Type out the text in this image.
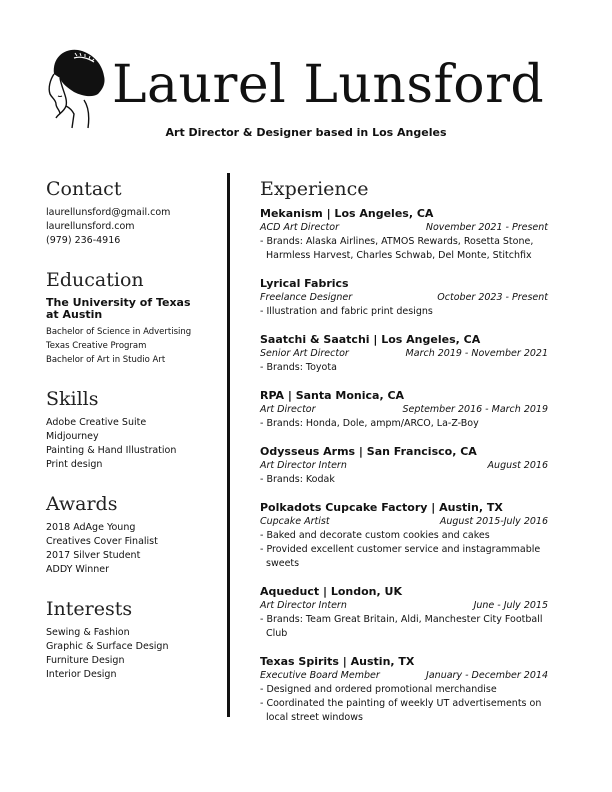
Laurel Lunsford

Art Director & Designer based in Los Angeles

Contact
laurellunsford@gmail.com
laurellunsford.com
(979) 236-4916
Education
The University of Texas
at Austin
Bachelor of Science in Advertising
Texas Creative Program
Bachelor of Art in Studio Art
Skills
Adobe Creative Suite
Midjourney
Painting & Hand Illustration
Print design
Awards
2018 AdAge Young
Creatives Cover Finalist
2017 Silver Student
ADDY Winner
Interests
Sewing & Fashion
Graphic & Surface Design
Furniture Design
Interior Design
Experience
Mekanism | Los Angeles, CA
ACD Art Director	November 2021 - Present
- Brands: Alaska Airlines, ATMOS Rewards, Rosetta Stone, Harmless Harvest, Charles Schwab, Del Monte, Stitchfix
Lyrical Fabrics
Freelance Designer	October 2023 - Present
- Illustration and fabric print designs
Saatchi & Saatchi | Los Angeles, CA
Senior Art Director	March 2019 - November 2021
- Brands: Toyota
RPA | Santa Monica, CA
Art Director	September 2016 - March 2019
- Brands: Honda, Dole, ampm/ARCO, La-Z-Boy
Odysseus Arms | San Francisco, CA
Art Director Intern	August 2016
- Brands: Kodak
Polkadots Cupcake Factory | Austin, TX
Cupcake Artist	August 2015-July 2016
- Baked and decorate custom cookies and cakes
- Provided excellent customer service and instagrammable sweets
Aqueduct | London, UK
Art Director Intern	June - July 2015
- Brands: Team Great Britain, Aldi, Manchester City Football Club
Texas Spirits | Austin, TX
Executive Board Member	January - December 2014
- Designed and ordered promotional merchandise
- Coordinated the painting of weekly UT advertisements on local street windows
